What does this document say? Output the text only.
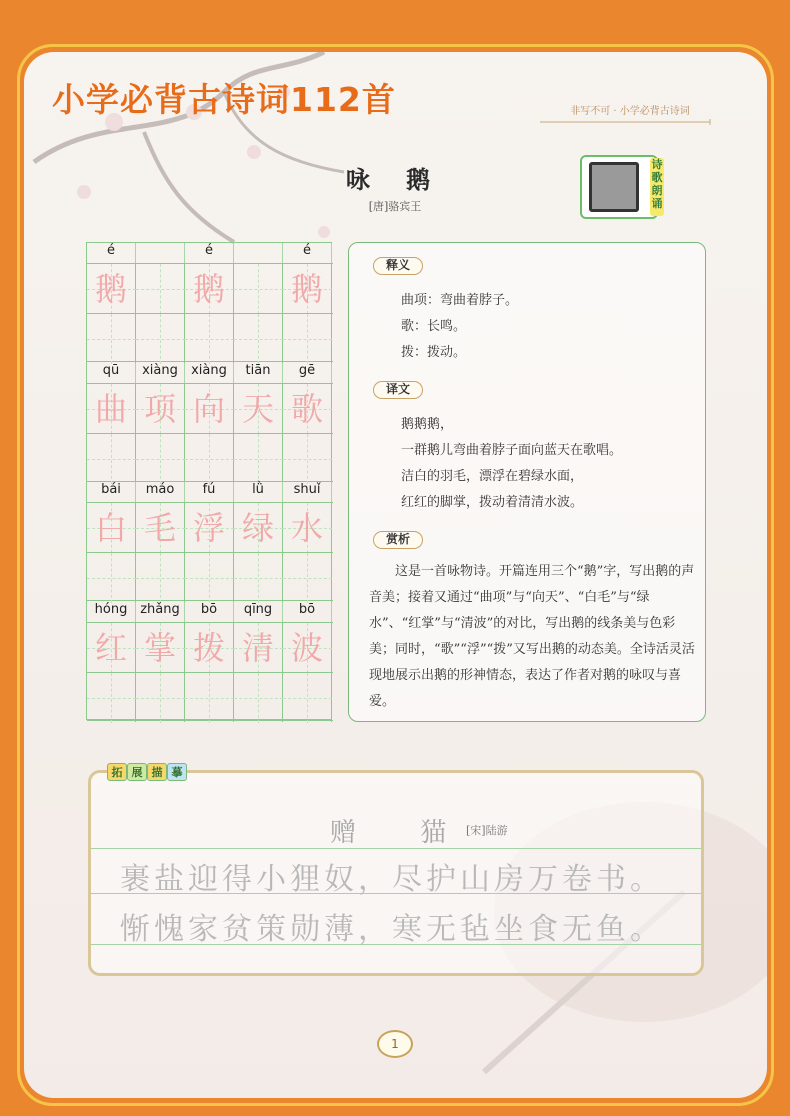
小学必背古诗词112首	非写不可 · 小学必背古诗词
咏 鹅
[唐]骆宾王
诗歌朗诵
é	é	é
鹅 鹅 鹅
qū	xiàng	xiàng	tiān	gē
曲 项 向 天 歌
bái	máo	fú	lǜ	shuǐ
白 毛 浮 绿 水
hóng zhǎng	bō	qīng	bō
红 掌 拨 清 波
释义
曲项：弯曲着脖子。
歌：长鸣。
拨：拨动。
译文
鹅鹅鹅，
一群鹅儿弯曲着脖子面向蓝天在歌唱。
洁白的羽毛，漂浮在碧绿水面，
红红的脚掌，拨动着清清水波。
赏析
这是一首咏物诗。开篇连用三个“鹅”字，写出鹅的声音美；接着又通过“曲项”与“向天”、“白毛”与“绿水”、“红掌”与“清波”的对比，写出鹅的线条美与色彩美；同时，“歌”“浮”“拨”又写出鹅的动态美。全诗活灵活现地展示出鹅的形神情态，表达了作者对鹅的咏叹与喜爱。
拓 展 描 摹
赠 猫
[宋]陆游
裹盐迎得小狸奴，尽护山房万卷书。
惭愧家贫策勋薄，寒无毡坐食无鱼。
1
